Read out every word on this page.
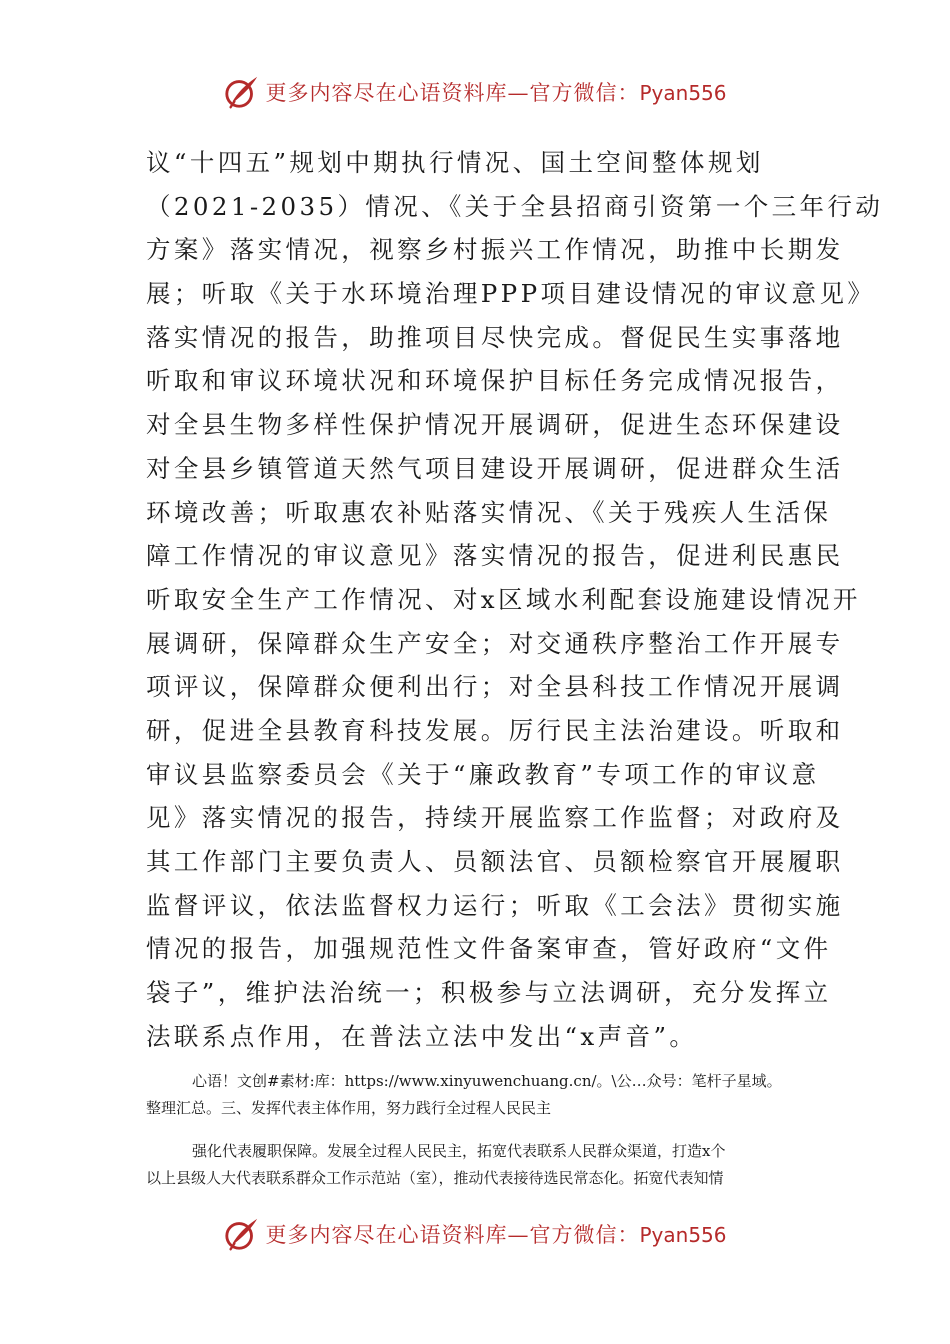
更多内容尽在心语资料库—官方微信：Pyan556
议“十四五”规划中期执行情况、国土空间整体规划
（2021-2035）情况、《关于全县招商引资第一个三年行动
方案》落实情况，视察乡村振兴工作情况，助推中长期发
展；听取《关于水环境治理PPP项目建设情况的审议意见》
落实情况的报告，助推项目尽快完成。督促民生实事落地
听取和审议环境状况和环境保护目标任务完成情况报告，
对全县生物多样性保护情况开展调研，促进生态环保建设
对全县乡镇管道天然气项目建设开展调研，促进群众生活
环境改善；听取惠农补贴落实情况、《关于残疾人生活保
障工作情况的审议意见》落实情况的报告，促进利民惠民
听取安全生产工作情况、对x区域水利配套设施建设情况开
展调研，保障群众生产安全；对交通秩序整治工作开展专
项评议，保障群众便利出行；对全县科技工作情况开展调
研，促进全县教育科技发展。厉行民主法治建设。听取和
审议县监察委员会《关于“廉政教育”专项工作的审议意
见》落实情况的报告，持续开展监察工作监督；对政府及
其工作部门主要负责人、员额法官、员额检察官开展履职
监督评议，依法监督权力运行；听取《工会法》贯彻实施
情况的报告，加强规范性文件备案审查，管好政府“文件
袋子”，维护法治统一；积极参与立法调研，充分发挥立
法联系点作用，在普法立法中发出“x声音”。
心语！文创#素材:库：https://www.xinyuwenchuang.cn/。\公…众号：笔杆子星域。
整理汇总。三、发挥代表主体作用，努力践行全过程人民民主
强化代表履职保障。发展全过程人民民主，拓宽代表联系人民群众渠道，打造x个
以上县级人大代表联系群众工作示范站（室），推动代表接待选民常态化。拓宽代表知情
更多内容尽在心语资料库—官方微信：Pyan556
